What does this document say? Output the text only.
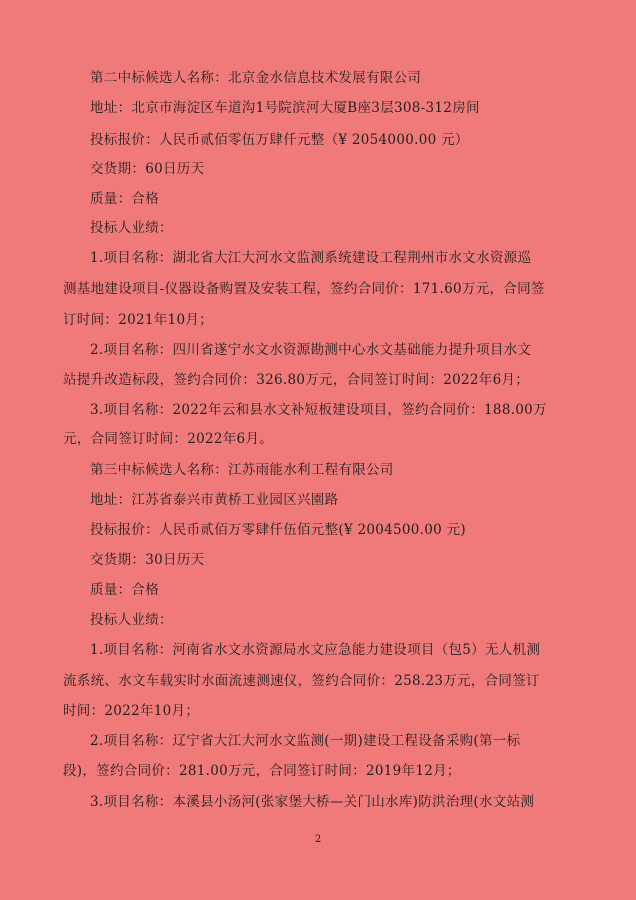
第二中标候选人名称：北京金水信息技术发展有限公司
地址：北京市海淀区车道沟1号院滨河大厦B座3层308-312房间
投标报价：人民币贰佰零伍万肆仟元整（¥ 2054000.00 元）
交货期：60日历天
质量：合格
投标人业绩：
1.项目名称：湖北省大江大河水文监测系统建设工程荆州市水文水资源巡
测基地建设项目-仪器设备购置及安装工程，签约合同价：171.60万元，合同签
订时间：2021年10月；
2.项目名称：四川省遂宁水文水资源勘测中心水文基础能力提升项目水文
站提升改造标段，签约合同价：326.80万元，合同签订时间：2022年6月；
3.项目名称：2022年云和县水文补短板建设项目，签约合同价：188.00万
元，合同签订时间：2022年6月。
第三中标候选人名称：江苏雨能水利工程有限公司
地址：江苏省泰兴市黄桥工业园区兴園路
投标报价：人民币贰佰万零肆仟伍佰元整(¥ 2004500.00 元)
交货期：30日历天
质量：合格
投标人业绩：
1.项目名称：河南省水文水资源局水文应急能力建设项目（包5）无人机测
流系统、水文车载实时水面流速测速仪，签约合同价：258.23万元，合同签订
时间：2022年10月；
2.项目名称：辽宁省大江大河水文监测(一期)建设工程设备采购(第一标
段)，签约合同价：281.00万元，合同签订时间：2019年12月；
3.项目名称：本溪县小汤河(张家堡大桥—关门山水库)防洪治理(水文站测
2
